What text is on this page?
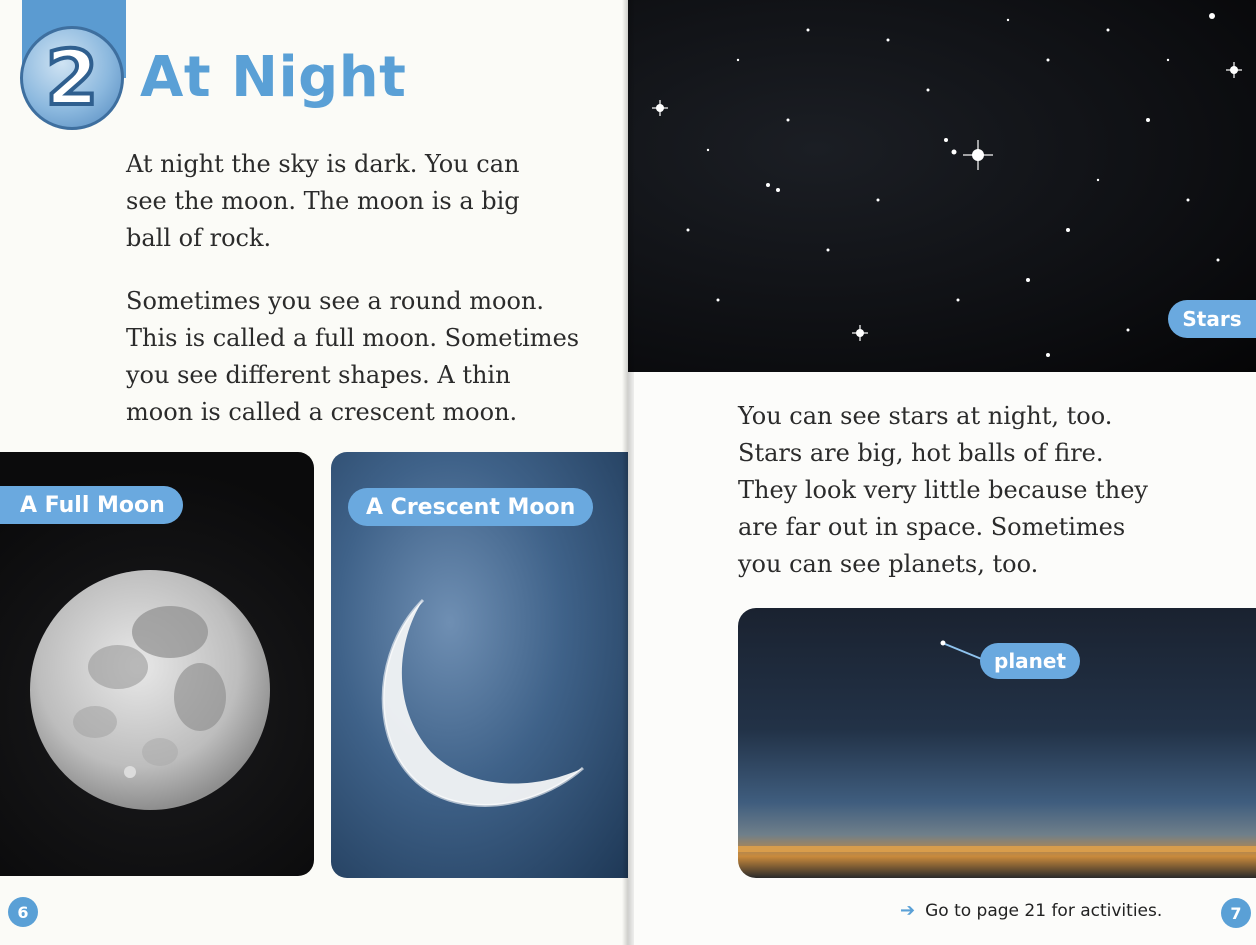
2 At Night

At night the sky is dark. You can
see the moon. The moon is a big
ball of rock.

Sometimes you see a round moon.
This is called a full moon. Sometimes
you see different shapes. A thin
moon is called a crescent moon.

A Full Moon	A Crescent Moon
6
Stars

You can see stars at night, too.
Stars are big, hot balls of fire.
They look very little because they
are far out in space. Sometimes
you can see planets, too.

planet
➔ Go to page 21 for activities.	7
